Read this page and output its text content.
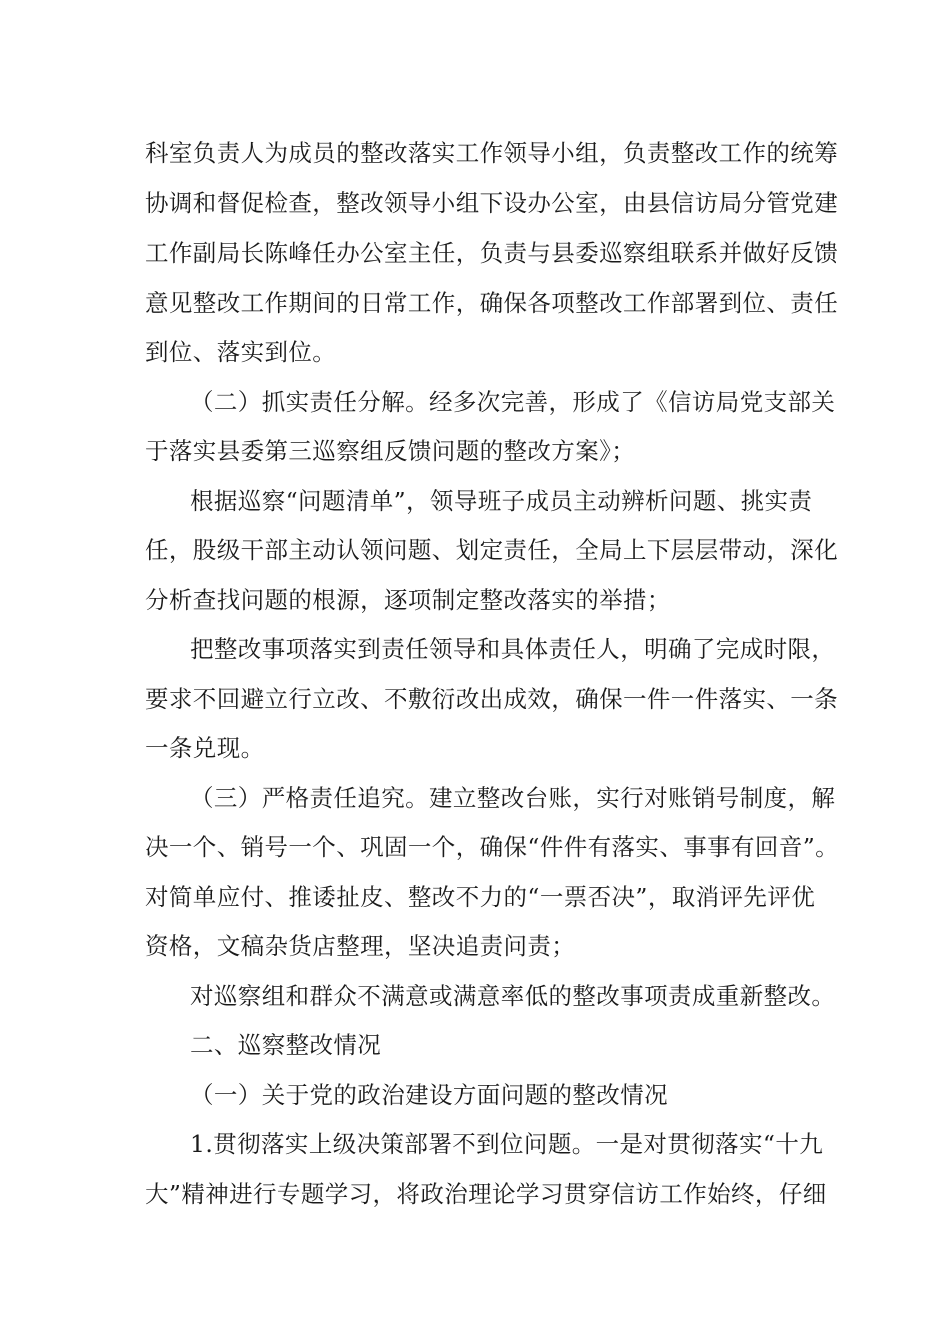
科室负责人为成员的整改落实工作领导小组，负责整改工作的统筹
协调和督促检查，整改领导小组下设办公室，由县信访局分管党建
工作副局长陈峰任办公室主任，负责与县委巡察组联系并做好反馈
意见整改工作期间的日常工作，确保各项整改工作部署到位、责任
到位、落实到位。
（二）抓实责任分解。经多次完善，形成了《信访局党支部关
于落实县委第三巡察组反馈问题的整改方案》；
根据巡察“问题清单”，领导班子成员主动辨析问题、挑实责
任，股级干部主动认领问题、划定责任，全局上下层层带动，深化
分析查找问题的根源，逐项制定整改落实的举措；
把整改事项落实到责任领导和具体责任人，明确了完成时限，
要求不回避立行立改、不敷衍改出成效，确保一件一件落实、一条
一条兑现。
（三）严格责任追究。建立整改台账，实行对账销号制度，解
决一个、销号一个、巩固一个，确保“件件有落实、事事有回音”。
对简单应付、推诿扯皮、整改不力的“一票否决”，取消评先评优
资格，文稿杂货店整理，坚决追责问责；
对巡察组和群众不满意或满意率低的整改事项责成重新整改。
二、巡察整改情况
（一）关于党的政治建设方面问题的整改情况
1.贯彻落实上级决策部署不到位问题。一是对贯彻落实“十九
大”精神进行专题学习，将政治理论学习贯穿信访工作始终，仔细
